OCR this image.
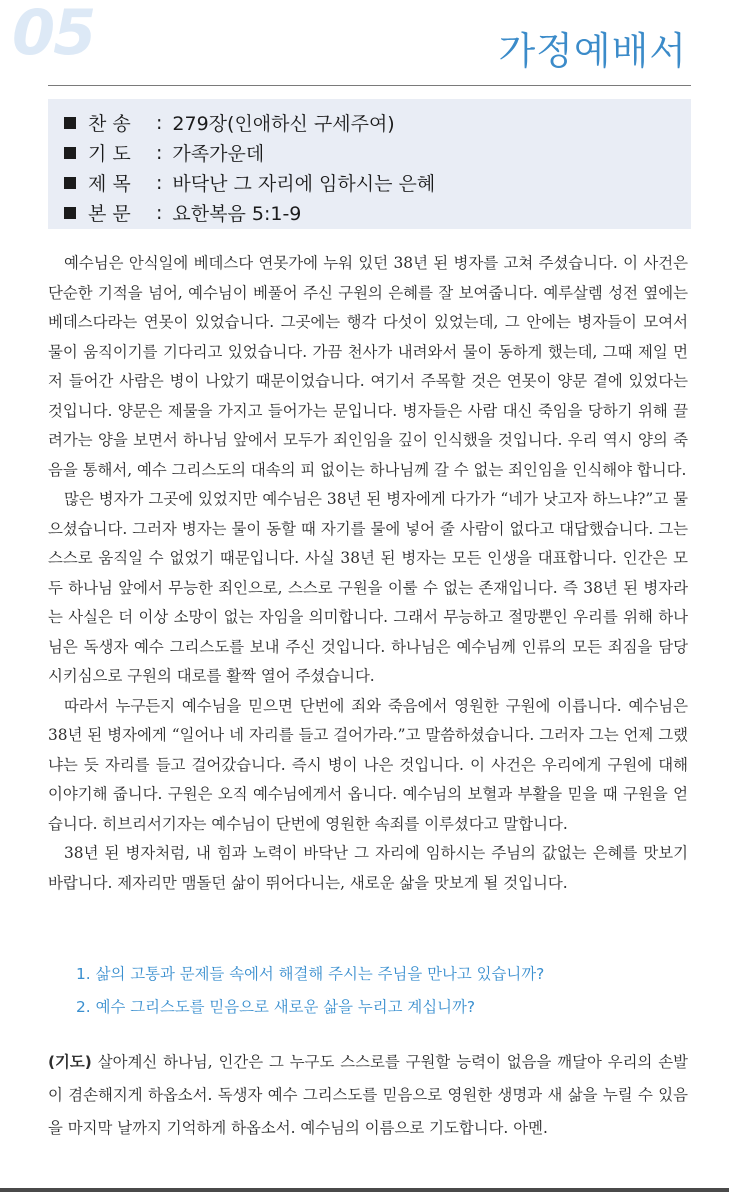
05	가정예배서
찬 송	: 279장(인애하신 구세주여)
기 도	: 가족가운데
제 목	: 바닥난 그 자리에 임하시는 은혜
본 문	: 요한복음 5:1-9

예수님은 안식일에 베데스다 연못가에 누워 있던 38년 된 병자를 고쳐 주셨습니다. 이 사건은 단순한 기적을 넘어, 예수님이 베풀어 주신 구원의 은혜를 잘 보여줍니다. 예루살렘 성전 옆에는 베데스다라는 연못이 있었습니다. 그곳에는 행각 다섯이 있었는데, 그 안에는 병자들이 모여서 물이 움직이기를 기다리고 있었습니다. 가끔 천사가 내려와서 물이 동하게 했는데, 그때 제일 먼저 들어간 사람은 병이 나았기 때문이었습니다. 여기서 주목할 것은 연못이 양문 곁에 있었다는 것입니다. 양문은 제물을 가지고 들어가는 문입니다. 병자들은 사람 대신 죽임을 당하기 위해 끌려가는 양을 보면서 하나님 앞에서 모두가 죄인임을 깊이 인식했을 것입니다. 우리 역시 양의 죽음을 통해서, 예수 그리스도의 대속의 피 없이는 하나님께 갈 수 없는 죄인임을 인식해야 합니다.

많은 병자가 그곳에 있었지만 예수님은 38년 된 병자에게 다가가 “네가 낫고자 하느냐?”고 물으셨습니다. 그러자 병자는 물이 동할 때 자기를 물에 넣어 줄 사람이 없다고 대답했습니다. 그는 스스로 움직일 수 없었기 때문입니다. 사실 38년 된 병자는 모든 인생을 대표합니다. 인간은 모두 하나님 앞에서 무능한 죄인으로, 스스로 구원을 이룰 수 없는 존재입니다. 즉 38년 된 병자라는 사실은 더 이상 소망이 없는 자임을 의미합니다. 그래서 무능하고 절망뿐인 우리를 위해 하나님은 독생자 예수 그리스도를 보내 주신 것입니다. 하나님은 예수님께 인류의 모든 죄짐을 담당시키심으로 구원의 대로를 활짝 열어 주셨습니다.

따라서 누구든지 예수님을 믿으면 단번에 죄와 죽음에서 영원한 구원에 이릅니다. 예수님은 38년 된 병자에게 “일어나 네 자리를 들고 걸어가라.”고 말씀하셨습니다. 그러자 그는 언제 그랬냐는 듯 자리를 들고 걸어갔습니다. 즉시 병이 나은 것입니다. 이 사건은 우리에게 구원에 대해 이야기해 줍니다. 구원은 오직 예수님에게서 옵니다. 예수님의 보혈과 부활을 믿을 때 구원을 얻습니다. 히브리서기자는 예수님이 단번에 영원한 속죄를 이루셨다고 말합니다.

38년 된 병자처럼, 내 힘과 노력이 바닥난 그 자리에 임하시는 주님의 값없는 은혜를 맛보기 바랍니다. 제자리만 맴돌던 삶이 뛰어다니는, 새로운 삶을 맛보게 될 것입니다.

1. 삶의 고통과 문제들 속에서 해결해 주시는 주님을 만나고 있습니까?
2. 예수 그리스도를 믿음으로 새로운 삶을 누리고 계십니까?
(기도) 살아계신 하나님, 인간은 그 누구도 스스로를 구원할 능력이 없음을 깨달아 우리의 손발이 겸손해지게 하옵소서. 독생자 예수 그리스도를 믿음으로 영원한 생명과 새 삶을 누릴 수 있음을 마지막 날까지 기억하게 하옵소서. 예수님의 이름으로 기도합니다. 아멘.
